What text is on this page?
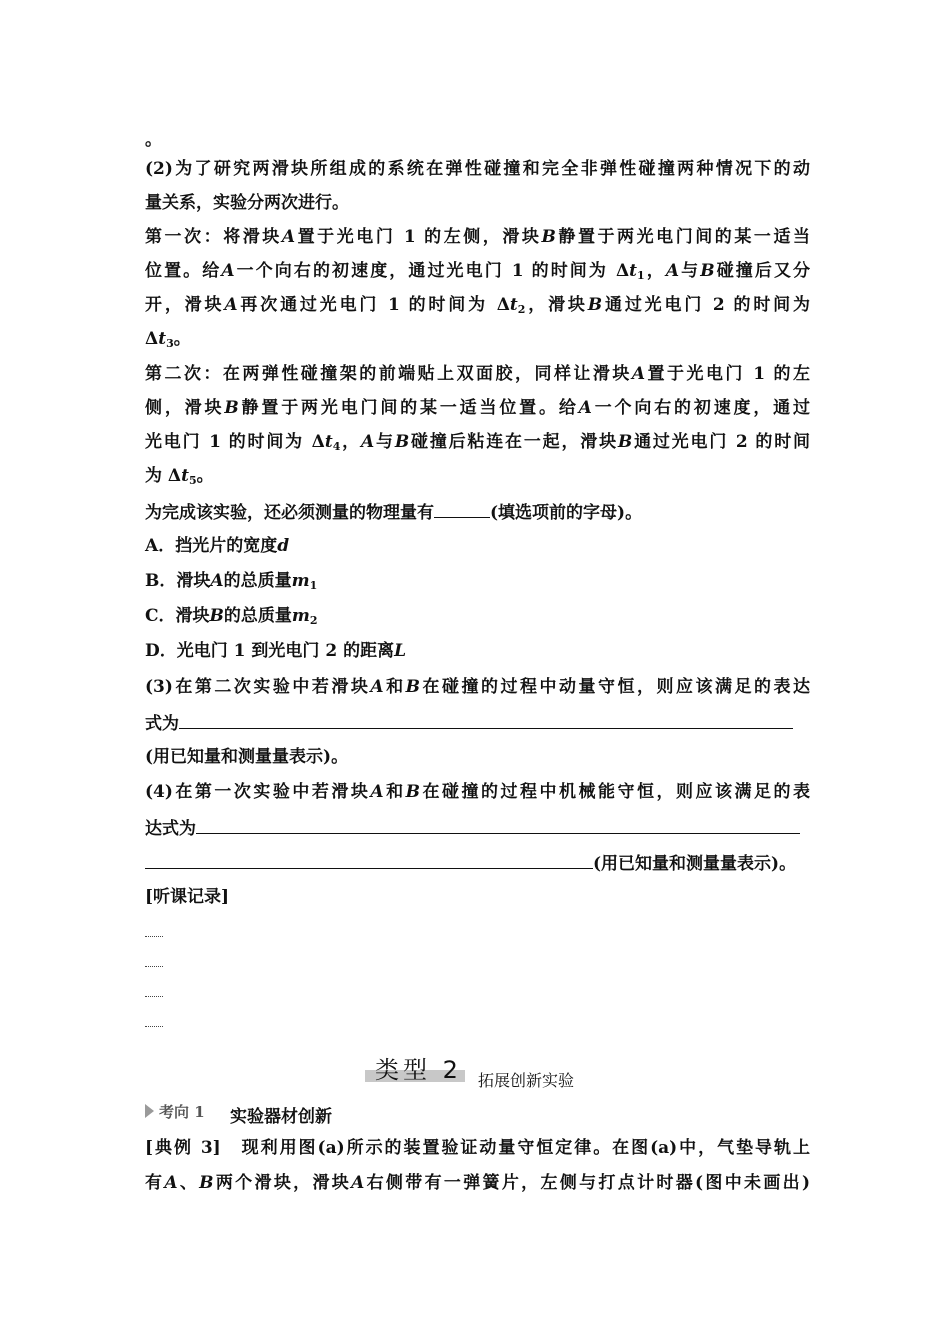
。
(2)为了研究两滑块所组成的系统在弹性碰撞和完全非弹性碰撞两种情况下的动
量关系，实验分两次进行。
第一次：将滑块A置于光电门 1 的左侧，滑块B静置于两光电门间的某一适当
位置。给A一个向右的初速度，通过光电门 1 的时间为 $\Delta t_1$，A与B碰撞后又分
开，滑块A再次通过光电门 1 的时间为 $\Delta t_2$，滑块B通过光电门 2 的时间为
$\Delta t_3$。
第二次：在两弹性碰撞架的前端贴上双面胶，同样让滑块A置于光电门 1 的左
侧，滑块B静置于两光电门间的某一适当位置。给A一个向右的初速度，通过
光电门 1 的时间为 $\Delta t_4$，A与B碰撞后粘连在一起，滑块B通过光电门 2 的时间
为 $\Delta t_5$。
为完成该实验，还必须测量的物理量有	(填选项前的字母)。
A．挡光片的宽度d
B．滑块A的总质量$m_1$
C．滑块B的总质量$m_2$
D．光电门 1 到光电门 2 的距离L
(3)在第二次实验中若滑块A和B在碰撞的过程中动量守恒，则应该满足的表达
式为
(用已知量和测量量表示)。
(4)在第一次实验中若滑块A和B在碰撞的过程中机械能守恒，则应该满足的表
达式为
(用已知量和测量量表示)。
[听课记录]
类型 2 拓展创新实验
考向 1 实验器材创新
[典例 3]　现利用图(a)所示的装置验证动量守恒定律。在图(a)中，气垫导轨上
有A、B两个滑块，滑块A右侧带有一弹簧片，左侧与打点计时器(图中未画出)
